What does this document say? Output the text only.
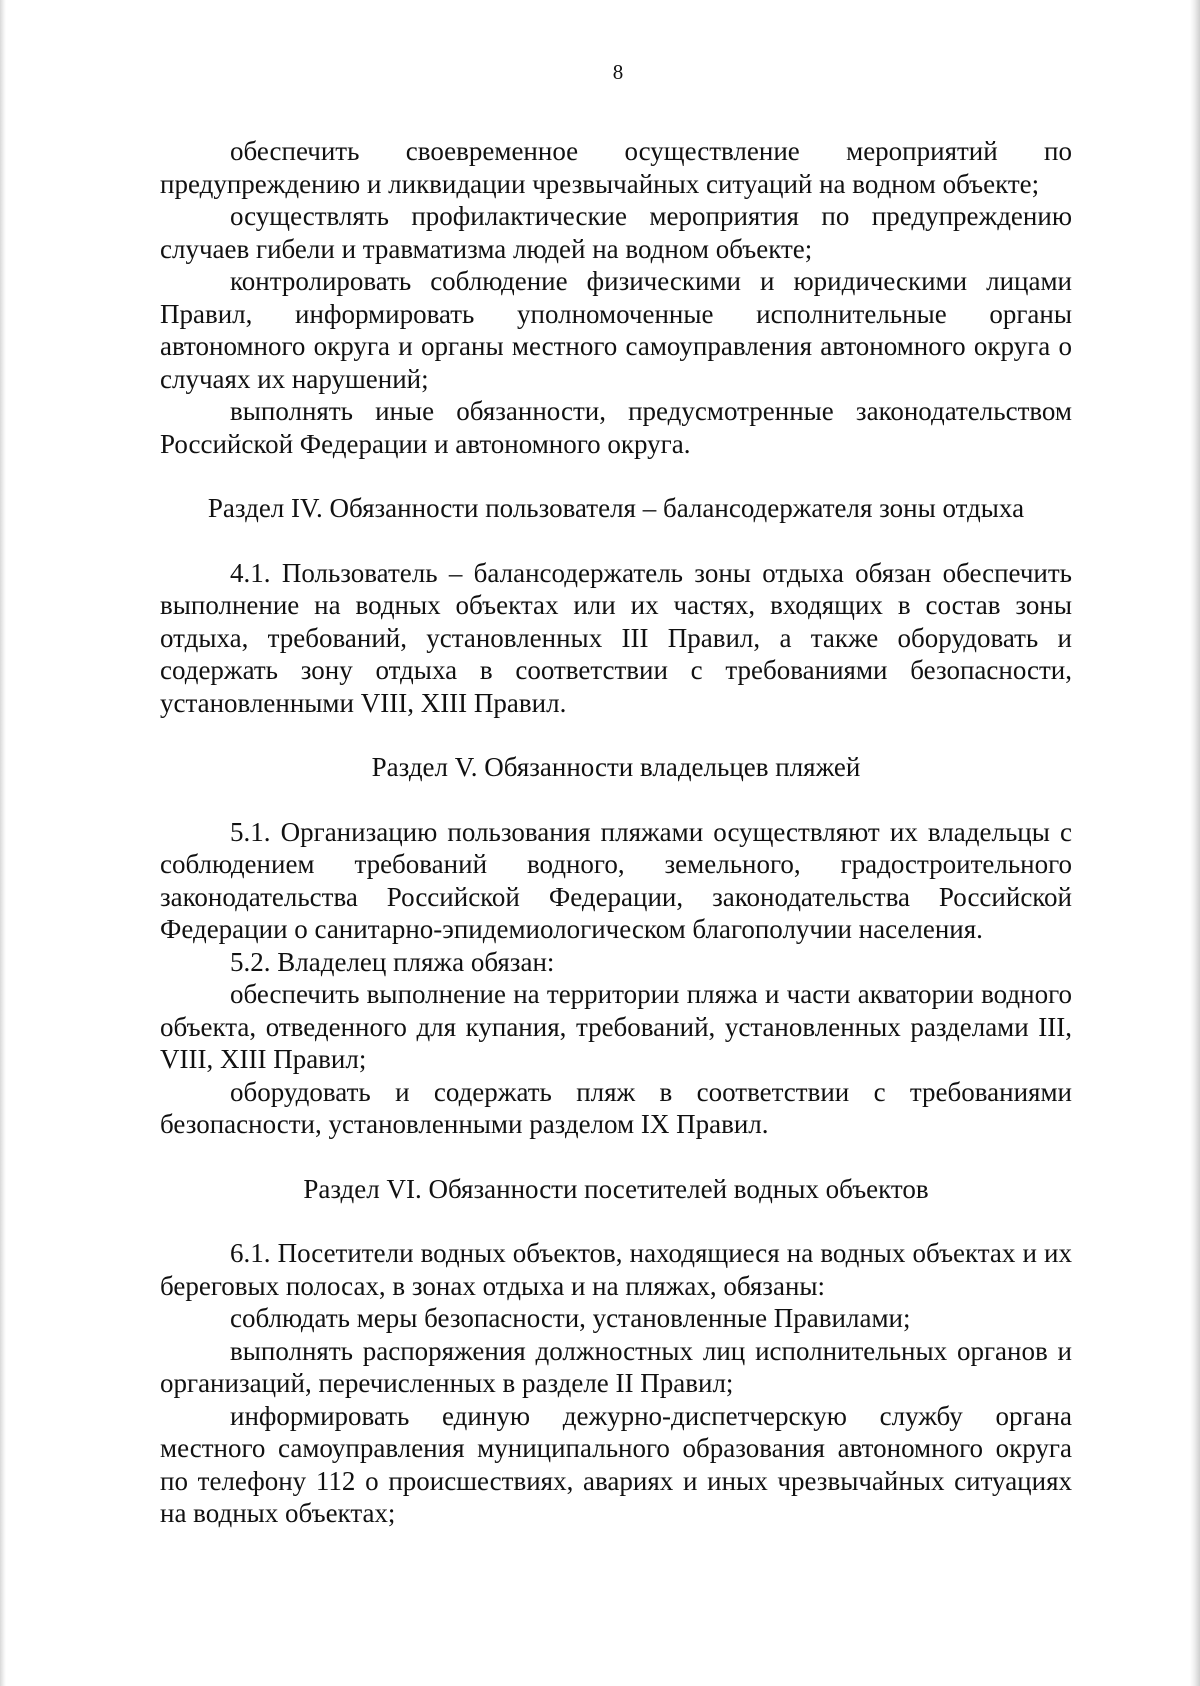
8

обеспечить своевременное осуществление мероприятий по предупреждению и ликвидации чрезвычайных ситуаций на водном объекте;

осуществлять профилактические мероприятия по предупреждению случаев гибели и травматизма людей на водном объекте;

контролировать соблюдение физическими и юридическими лицами Правил, информировать уполномоченные исполнительные органы автономного округа и органы местного самоуправления автономного округа о случаях их нарушений;

выполнять иные обязанности, предусмотренные законодательством Российской Федерации и автономного округа.

Раздел IV. Обязанности пользователя – балансодержателя зоны отдыха

4.1. Пользователь – балансодержатель зоны отдыха обязан обеспечить выполнение на водных объектах или их частях, входящих в состав зоны отдыха, требований, установленных III Правил, а также оборудовать и содержать зону отдыха в соответствии с требованиями безопасности, установленными VIII, XIII Правил.

Раздел V. Обязанности владельцев пляжей

5.1. Организацию пользования пляжами осуществляют их владельцы с соблюдением требований водного, земельного, градостроительного законодательства Российской Федерации, законодательства Российской Федерации о санитарно-эпидемиологическом благополучии населения.

5.2. Владелец пляжа обязан:

обеспечить выполнение на территории пляжа и части акватории водного объекта, отведенного для купания, требований, установленных разделами III, VIII, XIII Правил;

оборудовать и содержать пляж в соответствии с требованиями безопасности, установленными разделом IX Правил.

Раздел VI. Обязанности посетителей водных объектов

6.1. Посетители водных объектов, находящиеся на водных объектах и их береговых полосах, в зонах отдыха и на пляжах, обязаны:

соблюдать меры безопасности, установленные Правилами;

выполнять распоряжения должностных лиц исполнительных органов и организаций, перечисленных в разделе II Правил;

информировать единую дежурно-диспетчерскую службу органа местного самоуправления муниципального образования автономного округа по телефону 112 о происшествиях, авариях и иных чрезвычайных ситуациях на водных объектах;
